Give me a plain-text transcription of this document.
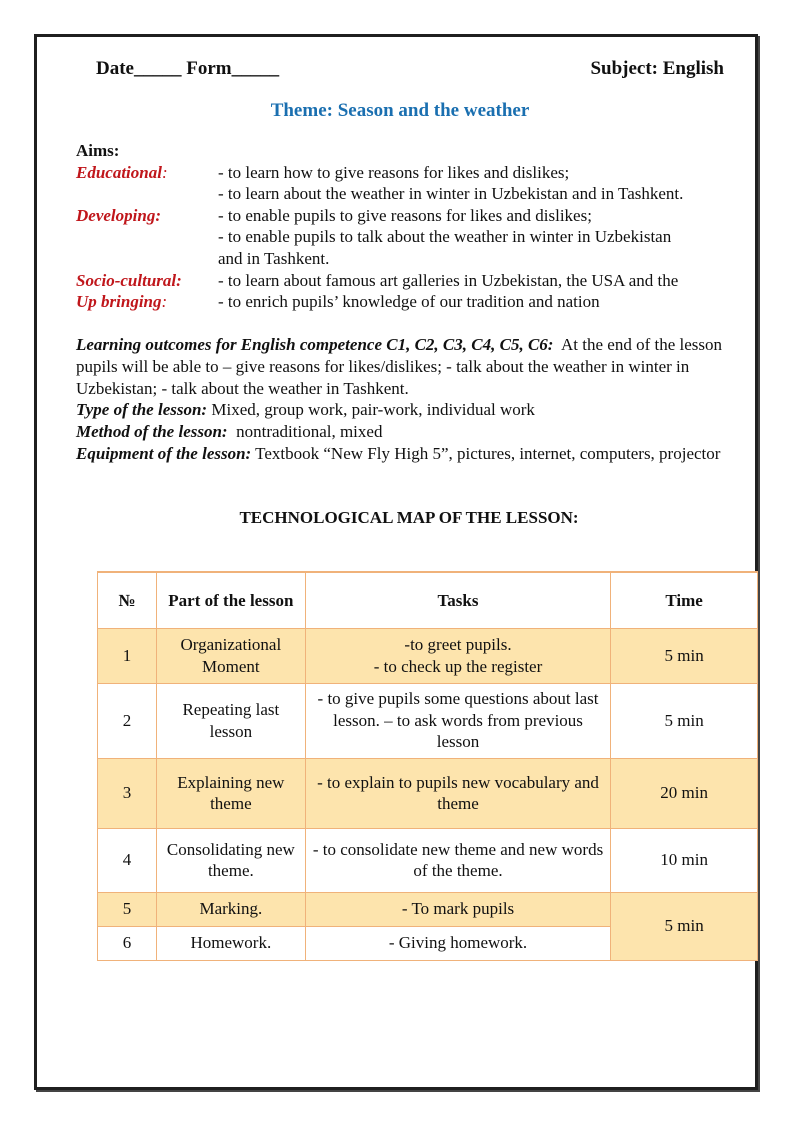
Date_____ Form_____	Subject: English
Theme: Season and the weather
Aims:
Educational:	- to learn how to give reasons for likes and dislikes;
- to learn about the weather in winter in Uzbekistan and in Tashkent.
Developing:	- to enable pupils to give reasons for likes and dislikes;
- to enable pupils to talk about the weather in winter in Uzbekistan
and in Tashkent.
Socio-cultural:	- to learn about famous art galleries in Uzbekistan, the USA and the
Up bringing:	- to enrich pupils’ knowledge of our tradition and nation

Learning outcomes for English competence C1, C2, C3, C4, C5, C6: At the end of the lesson pupils will be able to – give reasons for likes/dislikes; - talk about the weather in winter in Uzbekistan; - talk about the weather in Tashkent.

Type of the lesson: Mixed, group work, pair-work, individual work

Method of the lesson: nontraditional, mixed

Equipment of the lesson: Textbook “New Fly High 5”, pictures, internet, computers, projector

TECHNOLOGICAL MAP OF THE LESSON:
№	Part of the lesson	Tasks	Time
1	Organizational Moment	-to greet pupils.
- to check up the register	5 min
2	Repeating last lesson	- to give pupils some questions about last lesson. – to ask words from previous lesson	5 min
3	Explaining new theme	- to explain to pupils new vocabulary and theme	20 min
4	Consolidating new theme.	- to consolidate new theme and new words of the theme.	10 min
5	Marking.	- To mark pupils	5 min
6	Homework.	- Giving homework.	
